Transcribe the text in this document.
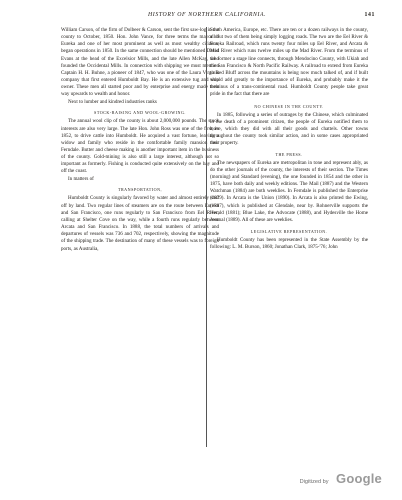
HISTORY OF NORTHERN CALIFORNIA.	141

William Carson, of the firm of Dolbeer & Carson, sent the first saw-log in the county to October, 1850. Hon. John Vance, for three terms the mayor of Eureka and one of her most prominent as well as most wealthy citizens, began operations in 1850. In the same connection should be mentioned David Evans at the head of the Excelsior Mills, and the late Allen McKay, who founded the Occidental Mills. In connection with shipping we must mention Captain H. H. Buhne, a pioneer of 1847, who was one of the Laura Virginia company that first entered Humboldt Bay. He is an extensive tug and ship owner. These men all started poor and by enterprise and energy made their way upwards to wealth and honor.

Next to lumber and kindred industries ranks

STOCK-RAISING AND WOOL-GROWING.

The annual wool clip of the county is about 2,000,000 pounds. The stock interests are also very large. The late Hon. John Ross was one of the first, in 1852, to drive cattle into Humboldt. He acquired a vast fortune, leaving a widow and family who reside in the comfortable family mansion near Ferndale. Butter and cheese making is another important item in the business of the county. Gold-mining is also still a large interest, although not so important as formerly. Fishing is conducted quite extensively on the bay and off the coast.

In matters of

TRANSPORTATION,

Humboldt County is singularly favored by water and almost entirely shut off by land. Two regular lines of steamers are on the route between Eureka and San Francisco, one runs regularly to San Francisco from Eel River, calling at Shelter Cove on the way, while a fourth runs regularly between Arcata and San Francisco. In 1888, the total numbers of arrivals and departures of vessels was 736 and 702, respectively, showing the magnitude of the shipping trade. The destination of many of these vessels was to foreign ports, as Australia,

South America, Europe, etc. There are ten or a dozen railways in the county, all but two of them being simply logging roads. The two are the Eel River & Eureka Railroad, which runs twenty four miles up Eel River, and Arcata & Mad River which runs twelve miles up the Mad River. From the terminus of the former a stage line connects, through Mendocino County, with Ukiah and the San Francisco & North Pacific Railway. A railroad to extend from Eureka to Red Bluff across the mountains is being now much talked of, and if built would add greatly to the importance of Eureka, and probably make it the terminus of a trans-continental road. Humboldt County people take great pride in the fact that there are

NO CHINESE IN THE COUNTY.

In 1885, following a series of outrages by the Chinese, which culminated in the death of a prominent citizen, the people of Eureka notified them to leave, which they did with all their goods and chattels. Other towns throughout the county took similar action, and in some cases appropriated their property.

THE PRESS.

The newspapers of Eureka are metropolitan in tone and represent ably, as do the other journals of the county, the interests of their section. The Times (morning) and Standard (evening), the one founded in 1854 and the other in 1875, have both daily and weekly editions. The Mail (1887) and the Western Watchman (1884) are both weeklies. In Ferndale is published the Enterprise (1879). In Arcata is the Union (1890). In Arcata is also printed the Ewing, (1887), which is published at Glendale, near by. Rohnerville supports the Herald (1881); Blue Lake, the Advocate (1888), and Hydesville the Home Journal (1889). All of these are weeklies.

LEGISLATIVE REPRESENTATION.

Humboldt County has been represented in the State Assembly by the following: L. M. Burson, 1860; Jonathan Clark, 1875-'76; John

Digitized by Google
